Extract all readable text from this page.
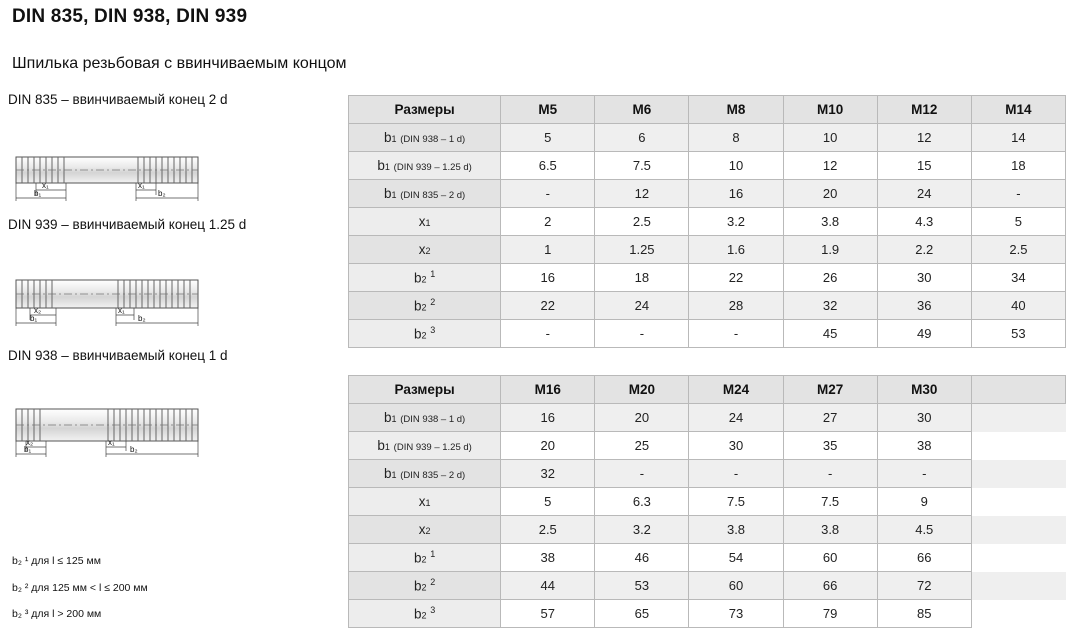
DIN 835, DIN 938, DIN 939
Шпилька резьбовая с ввинчиваемым концом
DIN 835 – ввинчиваемый конец 2 d
x₁	x₁
b₁	b₂
DIN 939 – ввинчиваемый конец 1.25 d
x₂	x₁
b₁	b₂
DIN 938 – ввинчиваемый конец 1 d
x₂	x₁
b₁	b₂
b₂ ¹ для l ≤ 125 мм
b₂ ² для 125 мм < l ≤ 200 мм
b₂ ³ для l > 200 мм
Размеры	M5	M6	M8	M10	M12	M14
b1 (DIN 938 – 1 d)	5	6	8	10	12	14
b1 (DIN 939 – 1.25 d)	6.5	7.5	10	12	15	18
b1 (DIN 835 – 2 d)	-	12	16	20	24	-
x1	2	2.5	3.2	3.8	4.3	5
x2	1	1.25	1.6	1.9	2.2	2.5
b2 $^1$	16	18	22	26	30	34
b2 $^2$	22	24	28	32	36	40
b2 $^3$	-	-	-	45	49	53
Размеры	M16	M20	M24	M27	M30	
b1 (DIN 938 – 1 d)	16	20	24	27	30	
b1 (DIN 939 – 1.25 d)	20	25	30	35	38	
b1 (DIN 835 – 2 d)	32	-	-	-	-	
x1	5	6.3	7.5	7.5	9	
x2	2.5	3.2	3.8	3.8	4.5	
b2 $^1$	38	46	54	60	66	
b2 $^2$	44	53	60	66	72	
b2 $^3$	57	65	73	79	85	
